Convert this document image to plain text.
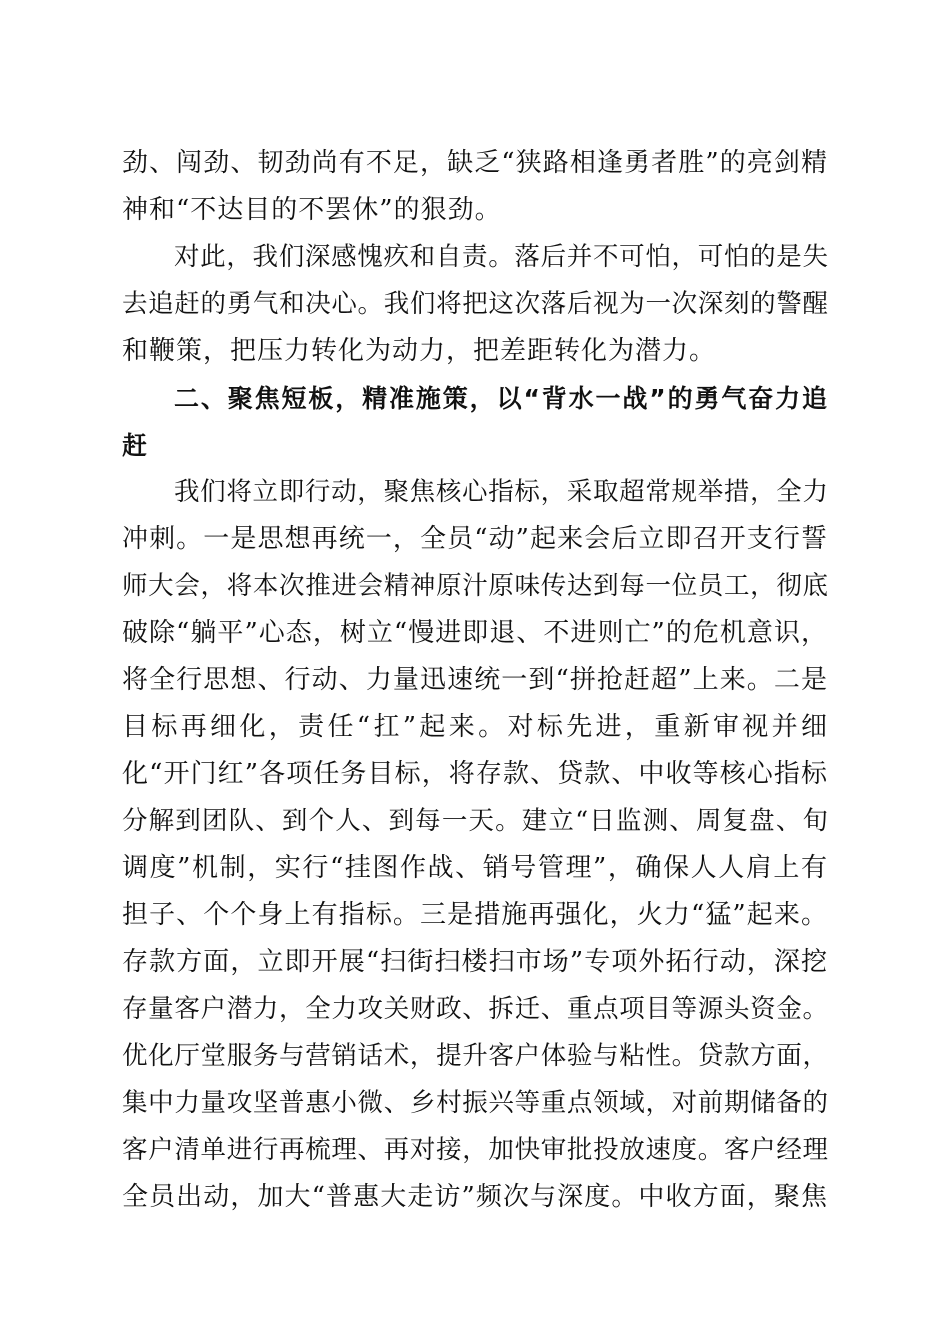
劲、闯劲、韧劲尚有不足，缺乏“狭路相逢勇者胜”的亮剑精
神和“不达目的不罢休”的狠劲。
对此，我们深感愧疚和自责。落后并不可怕，可怕的是失
去追赶的勇气和决心。我们将把这次落后视为一次深刻的警醒
和鞭策，把压力转化为动力，把差距转化为潜力。
二、聚焦短板，精准施策，以“背水一战”的勇气奋力追
赶
我们将立即行动，聚焦核心指标，采取超常规举措，全力
冲刺。一是思想再统一，全员“动”起来会后立即召开支行誓
师大会，将本次推进会精神原汁原味传达到每一位员工，彻底
破除“躺平”心态，树立“慢进即退、不进则亡”的危机意识，
将全行思想、行动、力量迅速统一到“拼抢赶超”上来。二是
目标再细化，责任“扛”起来。对标先进，重新审视并细
化“开门红”各项任务目标，将存款、贷款、中收等核心指标
分解到团队、到个人、到每一天。建立“日监测、周复盘、旬
调度”机制，实行“挂图作战、销号管理”，确保人人肩上有
担子、个个身上有指标。三是措施再强化，火力“猛”起来。
存款方面，立即开展“扫街扫楼扫市场”专项外拓行动，深挖
存量客户潜力，全力攻关财政、拆迁、重点项目等源头资金。
优化厅堂服务与营销话术，提升客户体验与粘性。贷款方面，
集中力量攻坚普惠小微、乡村振兴等重点领域，对前期储备的
客户清单进行再梳理、再对接，加快审批投放速度。客户经理
全员出动，加大“普惠大走访”频次与深度。中收方面，聚焦
